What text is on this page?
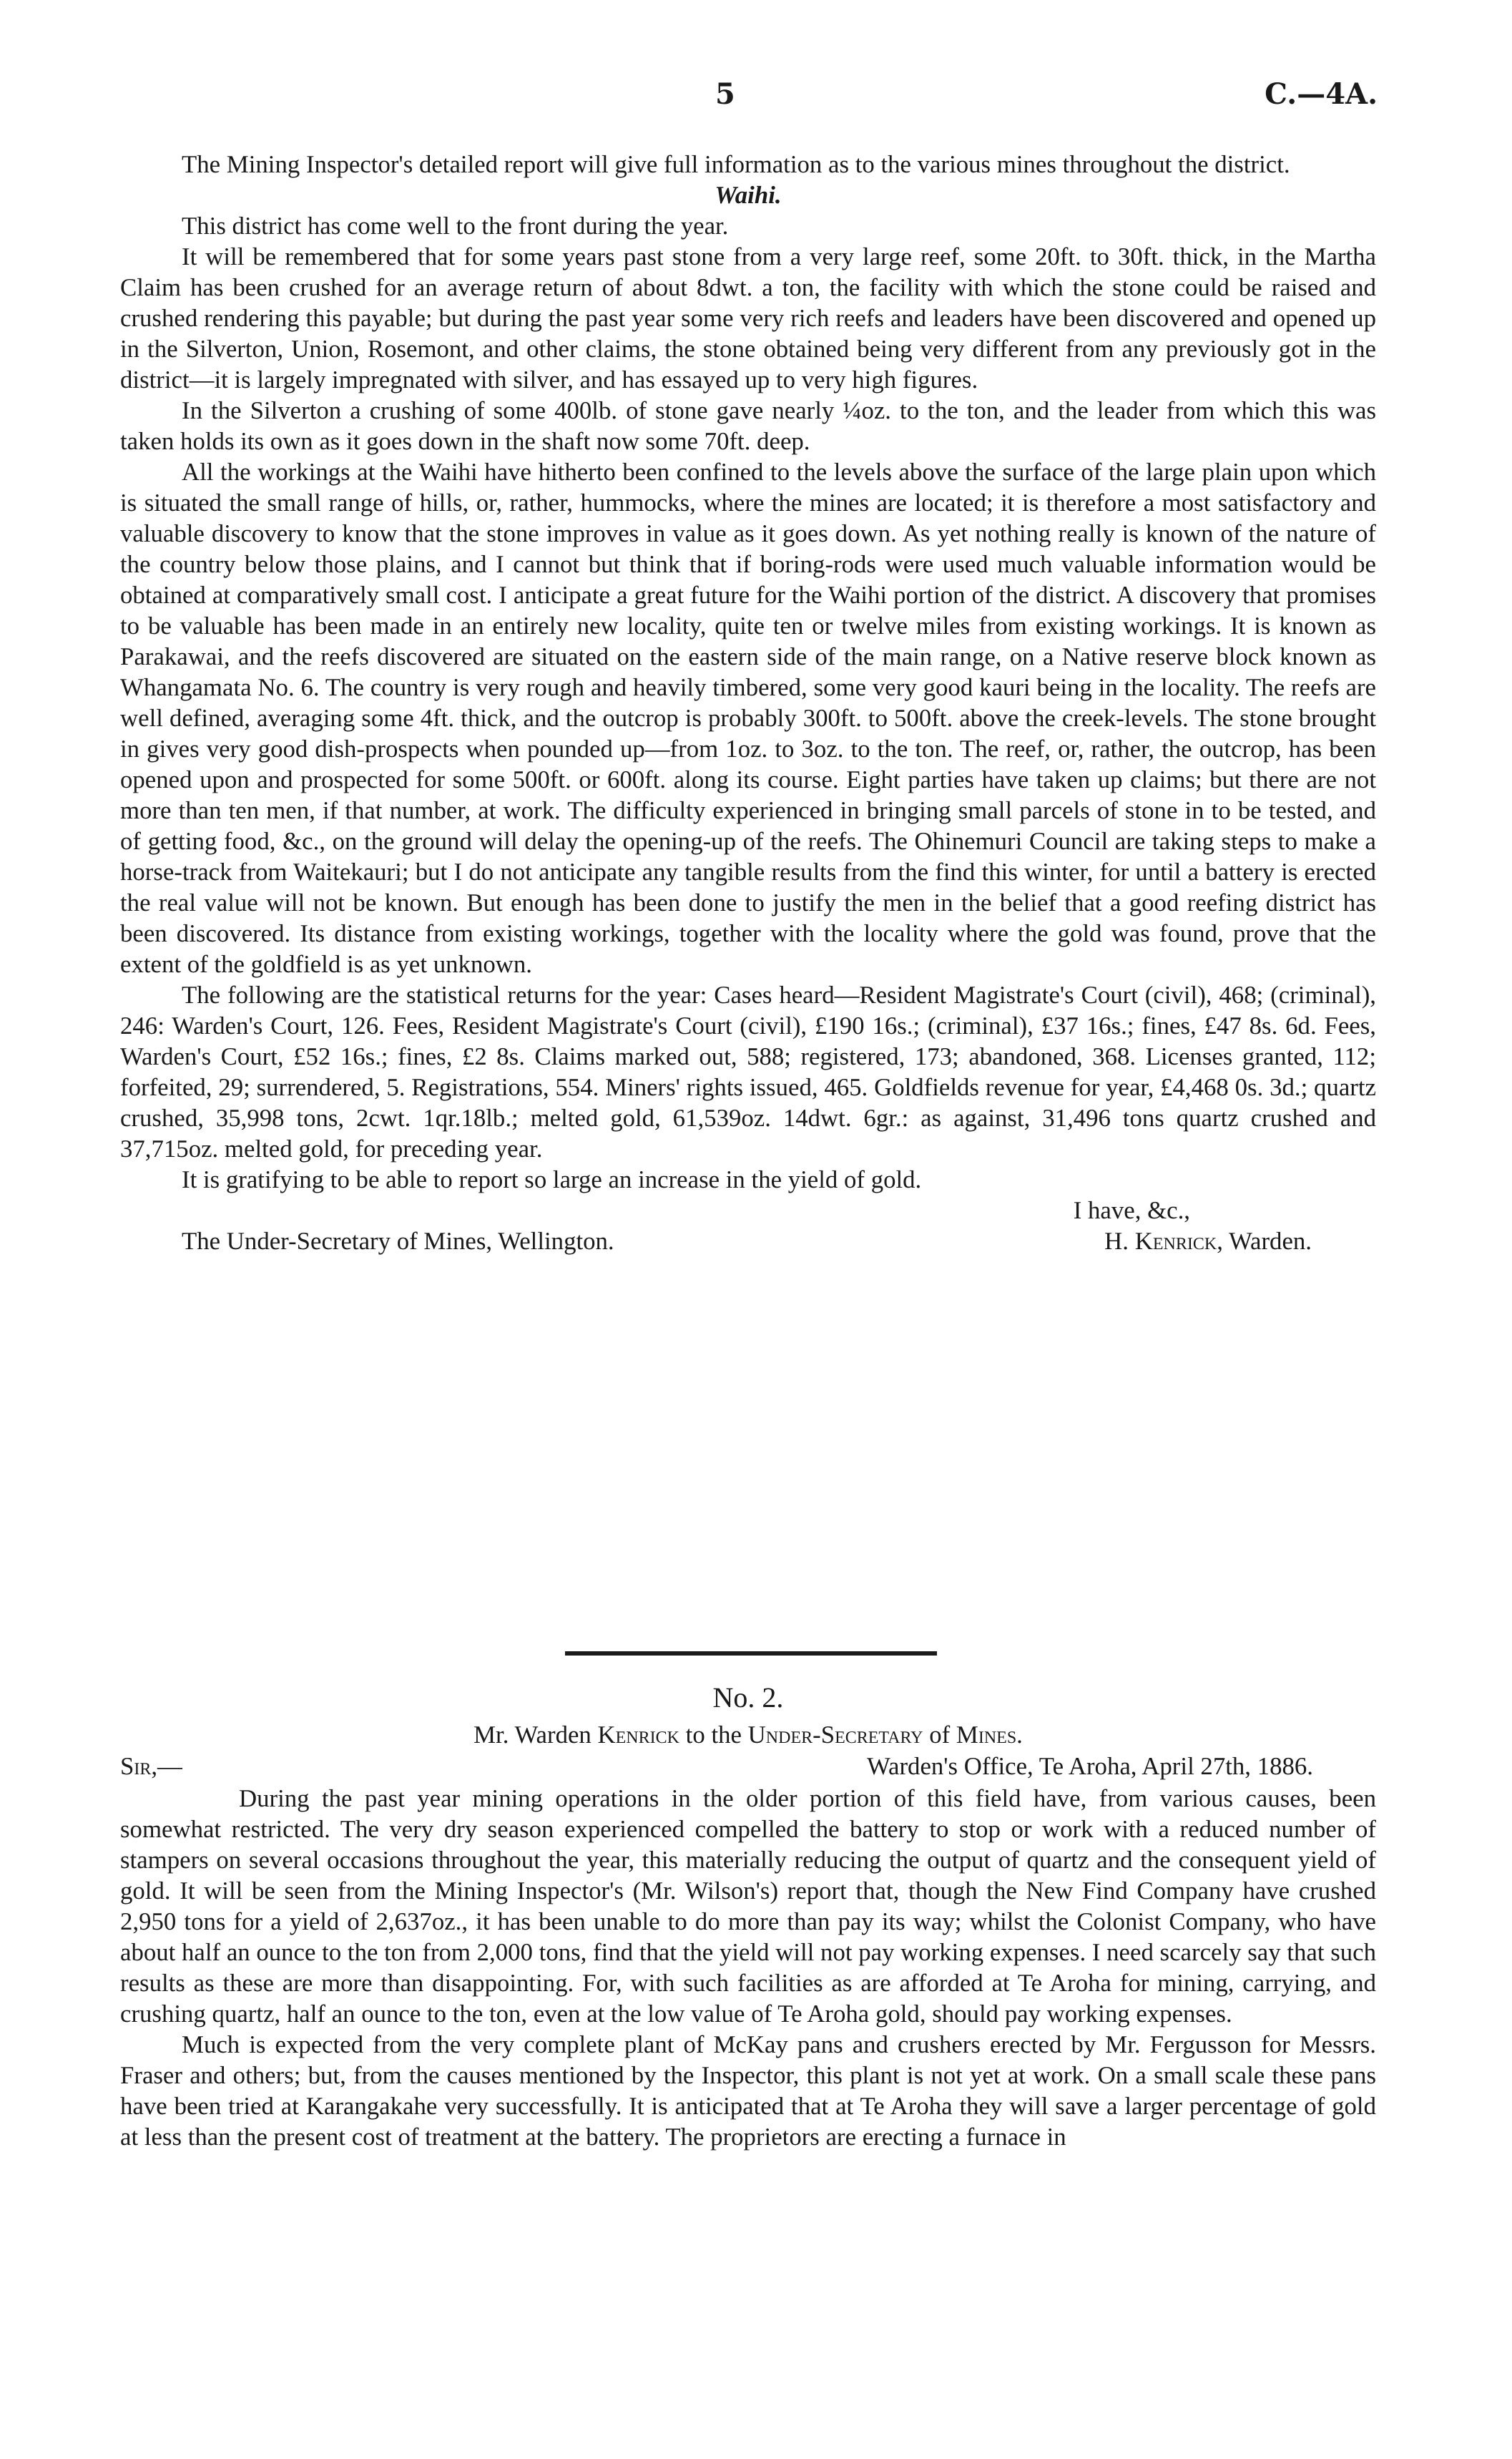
5	C.—4A.

The Mining Inspector's detailed report will give full information as to the various mines throughout the district.

Waihi.

This district has come well to the front during the year.

It will be remembered that for some years past stone from a very large reef, some 20ft. to 30ft. thick, in the Martha Claim has been crushed for an average return of about 8dwt. a ton, the facility with which the stone could be raised and crushed rendering this payable; but during the past year some very rich reefs and leaders have been discovered and opened up in the Silverton, Union, Rosemont, and other claims, the stone obtained being very different from any previously got in the district—it is largely impregnated with silver, and has essayed up to very high figures.

In the Silverton a crushing of some 400lb. of stone gave nearly ¼oz. to the ton, and the leader from which this was taken holds its own as it goes down in the shaft now some 70ft. deep.

All the workings at the Waihi have hitherto been confined to the levels above the surface of the large plain upon which is situated the small range of hills, or, rather, hummocks, where the mines are located; it is therefore a most satisfactory and valuable discovery to know that the stone improves in value as it goes down. As yet nothing really is known of the nature of the country below those plains, and I cannot but think that if boring-rods were used much valuable information would be obtained at comparatively small cost. I anticipate a great future for the Waihi portion of the district. A discovery that promises to be valuable has been made in an entirely new locality, quite ten or twelve miles from existing workings. It is known as Parakawai, and the reefs discovered are situated on the eastern side of the main range, on a Native reserve block known as Whangamata No. 6. The country is very rough and heavily timbered, some very good kauri being in the locality. The reefs are well defined, averaging some 4ft. thick, and the outcrop is probably 300ft. to 500ft. above the creek-levels. The stone brought in gives very good dish-prospects when pounded up—from 1oz. to 3oz. to the ton. The reef, or, rather, the outcrop, has been opened upon and prospected for some 500ft. or 600ft. along its course. Eight parties have taken up claims; but there are not more than ten men, if that number, at work. The difficulty experienced in bringing small parcels of stone in to be tested, and of getting food, &c., on the ground will delay the opening-up of the reefs. The Ohinemuri Council are taking steps to make a horse-track from Waitekauri; but I do not anticipate any tangible results from the find this winter, for until a battery is erected the real value will not be known. But enough has been done to justify the men in the belief that a good reefing district has been discovered. Its distance from existing workings, together with the locality where the gold was found, prove that the extent of the goldfield is as yet unknown.

The following are the statistical returns for the year: Cases heard—Resident Magistrate's Court (civil), 468; (criminal), 246: Warden's Court, 126. Fees, Resident Magistrate's Court (civil), £190 16s.; (criminal), £37 16s.; fines, £47 8s. 6d. Fees, Warden's Court, £52 16s.; fines, £2 8s. Claims marked out, 588; registered, 173; abandoned, 368. Licenses granted, 112; forfeited, 29; surrendered, 5. Registrations, 554. Miners' rights issued, 465. Goldfields revenue for year, £4,468 0s. 3d.; quartz crushed, 35,998 tons, 2cwt. 1qr.18lb.; melted gold, 61,539oz. 14dwt. 6gr.: as against, 31,496 tons quartz crushed and 37,715oz. melted gold, for preceding year.

It is gratifying to be able to report so large an increase in the yield of gold.

I have, &c.,

The Under-Secretary of Mines, Wellington.	H. Kenrick, Warden.

No. 2.

Mr. Warden Kenrick to the Under-Secretary of Mines.

Sir,—	Warden's Office, Te Aroha, April 27th, 1886.

During the past year mining operations in the older portion of this field have, from various causes, been somewhat restricted. The very dry season experienced compelled the battery to stop or work with a reduced number of stampers on several occasions throughout the year, this materially reducing the output of quartz and the consequent yield of gold. It will be seen from the Mining Inspector's (Mr. Wilson's) report that, though the New Find Company have crushed 2,950 tons for a yield of 2,637oz., it has been unable to do more than pay its way; whilst the Colonist Company, who have about half an ounce to the ton from 2,000 tons, find that the yield will not pay working expenses. I need scarcely say that such results as these are more than disappointing. For, with such facilities as are afforded at Te Aroha for mining, carrying, and crushing quartz, half an ounce to the ton, even at the low value of Te Aroha gold, should pay working expenses.

Much is expected from the very complete plant of McKay pans and crushers erected by Mr. Fergusson for Messrs. Fraser and others; but, from the causes mentioned by the Inspector, this plant is not yet at work. On a small scale these pans have been tried at Karangakahe very successfully. It is anticipated that at Te Aroha they will save a larger percentage of gold at less than the present cost of treatment at the battery. The proprietors are erecting a furnace in
